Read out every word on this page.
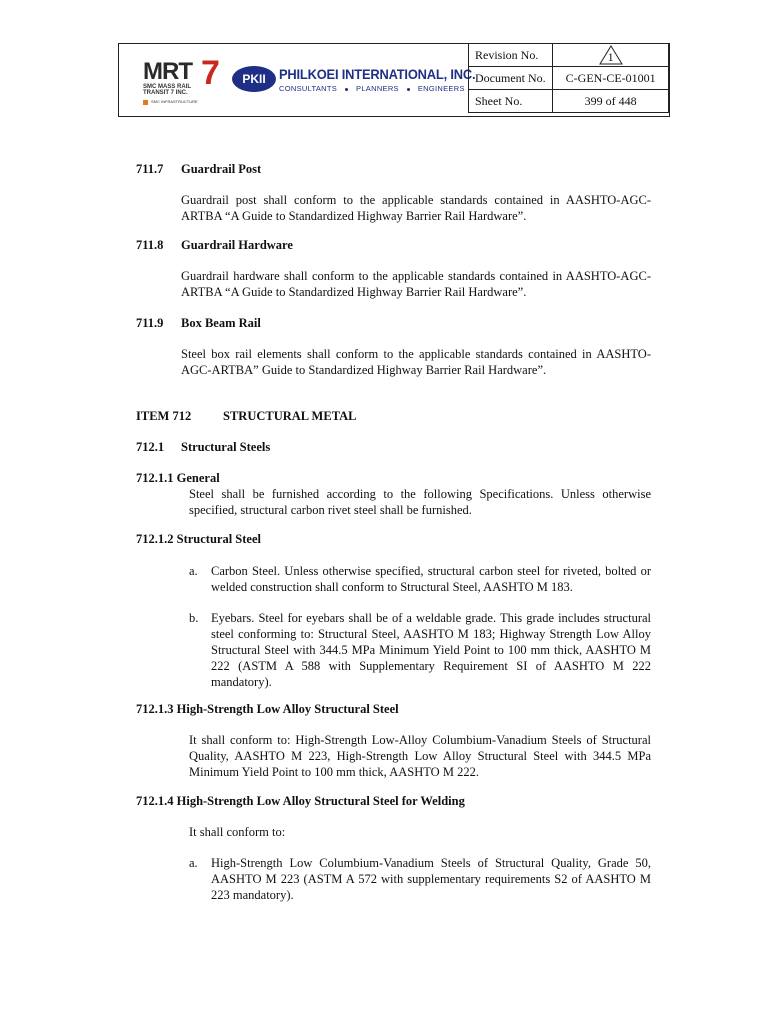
MRT 7
SMC MASS RAIL TRANSIT 7 INC.
SMC INFRASTRUCTURE
PKII PHILKOEI INTERNATIONAL, INC.
CONSULTANTS	PLANNERS	ENGINEERS
Revision No.	1

Document No.	C-GEN-CE-01001
Sheet No.	399 of 448
711.7 Guardrail Post
Guardrail post shall conform to the applicable standards contained in AASHTO-AGC-ARTBA “A Guide to Standardized Highway Barrier Rail Hardware”.
711.8 Guardrail Hardware
Guardrail hardware shall conform to the applicable standards contained in AASHTO-AGC-ARTBA “A Guide to Standardized Highway Barrier Rail Hardware”.
711.9 Box Beam Rail
Steel box rail elements shall conform to the applicable standards contained in AASHTO-AGC-ARTBA” Guide to Standardized Highway Barrier Rail Hardware”.
ITEM 712	STRUCTURAL METAL
712.1 Structural Steels
712.1.1 General
Steel shall be furnished according to the following Specifications. Unless otherwise specified, structural carbon rivet steel shall be furnished.
712.1.2 Structural Steel
a. Carbon Steel. Unless otherwise specified, structural carbon steel for riveted, bolted or welded construction shall conform to Structural Steel, AASHTO M 183.
b. Eyebars. Steel for eyebars shall be of a weldable grade. This grade includes structural steel conforming to: Structural Steel, AASHTO M 183; Highway Strength Low Alloy Structural Steel with 344.5 MPa Minimum Yield Point to 100 mm thick, AASHTO M 222 (ASTM A 588 with Supplementary Requirement SI of AASHTO M 222 mandatory).
712.1.3 High-Strength Low Alloy Structural Steel
It shall conform to: High-Strength Low-Alloy Columbium-Vanadium Steels of Structural Quality, AASHTO M 223, High-Strength Low Alloy Structural Steel with 344.5 MPa Minimum Yield Point to 100 mm thick, AASHTO M 222.
712.1.4 High-Strength Low Alloy Structural Steel for Welding
It shall conform to:
a. High-Strength Low Columbium-Vanadium Steels of Structural Quality, Grade 50, AASHTO M 223 (ASTM A 572 with supplementary requirements S2 of AASHTO M 223 mandatory).
